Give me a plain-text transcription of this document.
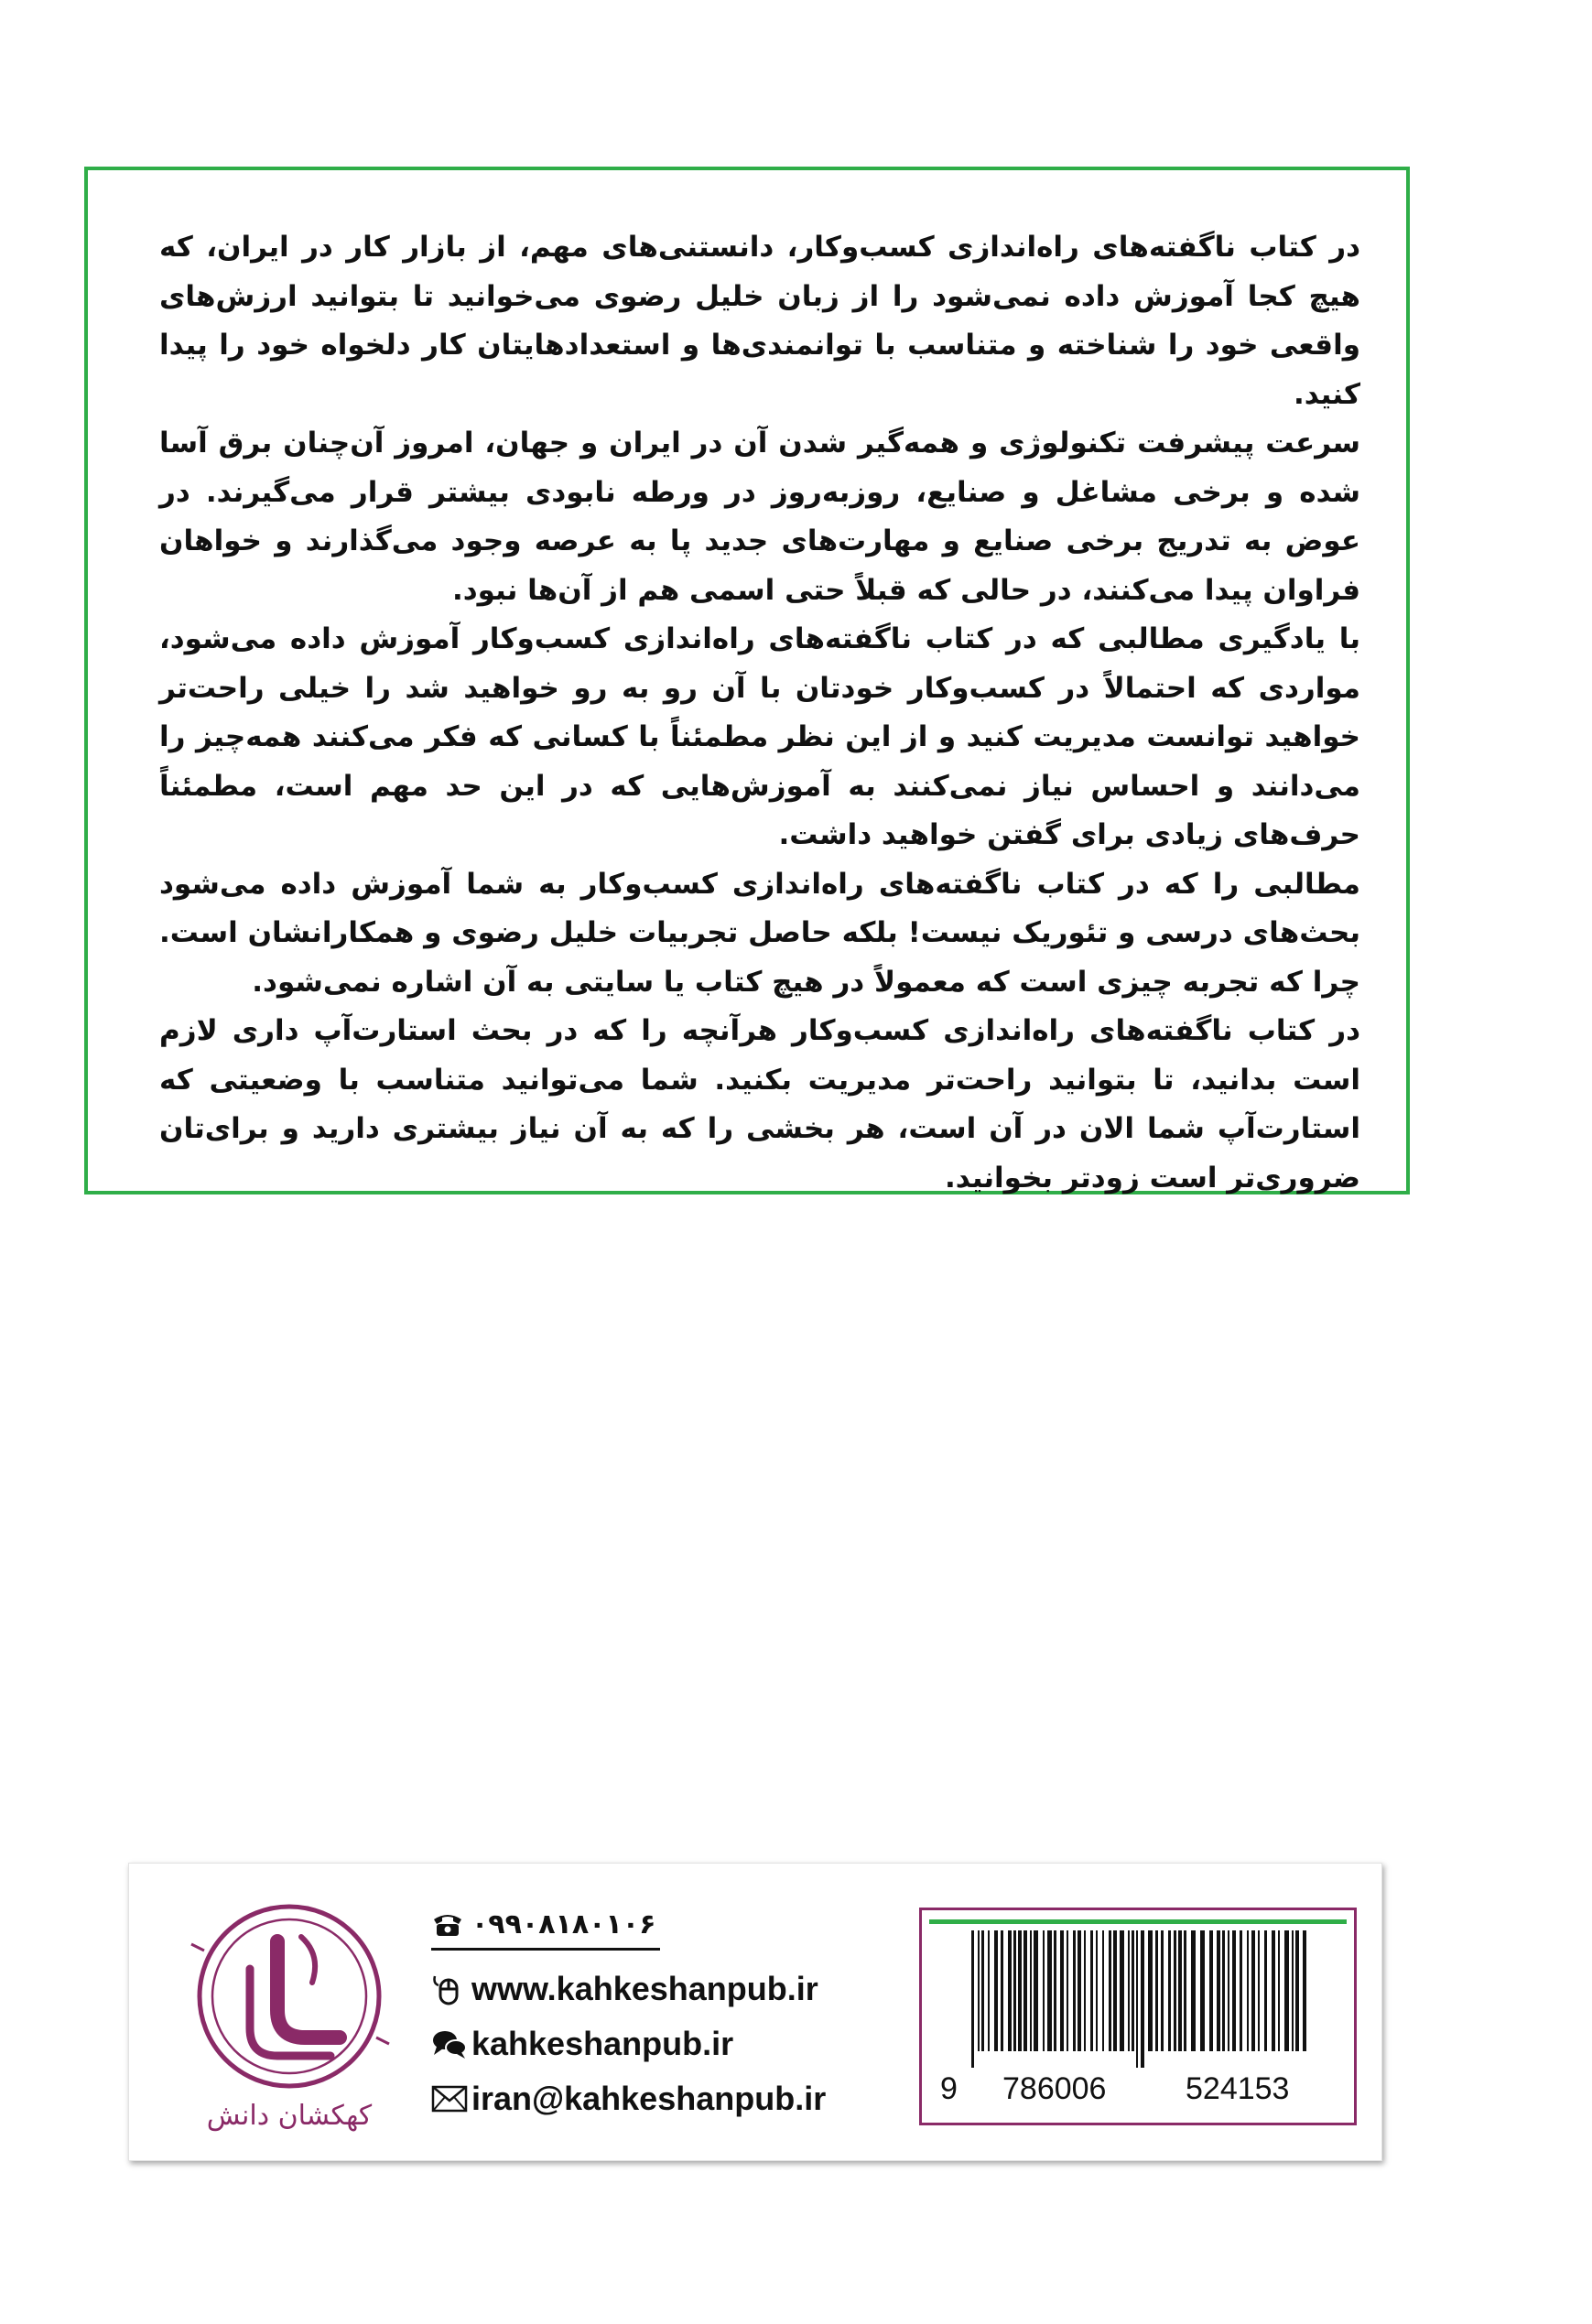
در کتاب ناگفته‌های راه‌اندازی کسب‌وکار، دانستنی‌های مهم، از بازار کار در ایران، که هیچ کجا آموزش داده نمی‌شود را از زبان خلیل رضوی می‌خوانید تا بتوانید ارزش‌های واقعی خود را شناخته و متناسب با توانمندی‌ها و استعدادهایتان کار دلخواه خود را پیدا کنید.

سرعت پیشرفت تکنولوژی و همه‌گیر شدن آن در ایران و جهان، امروز آن‌چنان برق آسا شده و برخی مشاغل و صنایع، روزبه‌روز در ورطه نابودی بیشتر قرار می‌گیرند. در عوض به تدریج برخی صنایع و مهارت‌های جدید پا به عرصه وجود می‌گذارند و خواهان فراوان پیدا می‌کنند، در حالی که قبلاً حتی اسمی هم از آن‌ها نبود.

با یادگیری مطالبی که در کتاب ناگفته‌های راه‌اندازی کسب‌وکار آموزش داده می‌شود، مواردی که احتمالاً در کسب‌وکار خودتان با آن رو به رو خواهید شد را خیلی راحت‌تر خواهید توانست مدیریت کنید و از این نظر مطمئناً با کسانی که فکر می‌کنند همه‌چیز را می‌دانند و احساس نیاز نمی‌کنند به آموزش‌هایی که در این حد مهم است، مطمئناً حرف‌های زیادی برای گفتن خواهید داشت.

مطالبی را که در کتاب ناگفته‌های راه‌اندازی کسب‌وکار به شما آموزش داده می‌شود بحث‌های درسی و تئوریک نیست! بلکه حاصل تجربیات خلیل رضوی و همکارانشان است. چرا که تجربه چیزی است که معمولاً در هیچ کتاب یا سایتی به آن اشاره نمی‌شود.

در کتاب ناگفته‌های راه‌اندازی کسب‌وکار هرآنچه را که در بحث استارت‌آپ داری لازم است بدانید، تا بتوانید راحت‌تر مدیریت بکنید. شما می‌توانید متناسب با وضعیتی که استارت‌آپ شما الان در آن است، هر بخشی را که به آن نیاز بیشتری دارید و برای‌تان ضروری‌تر است زودتر بخوانید.

کهکشان دانش
۰۹۹۰۸۱۸۰۱۰۶
www.kahkeshanpub.ir
kahkeshanpub.ir
iran@kahkeshanpub.ir	9 786006	524153
